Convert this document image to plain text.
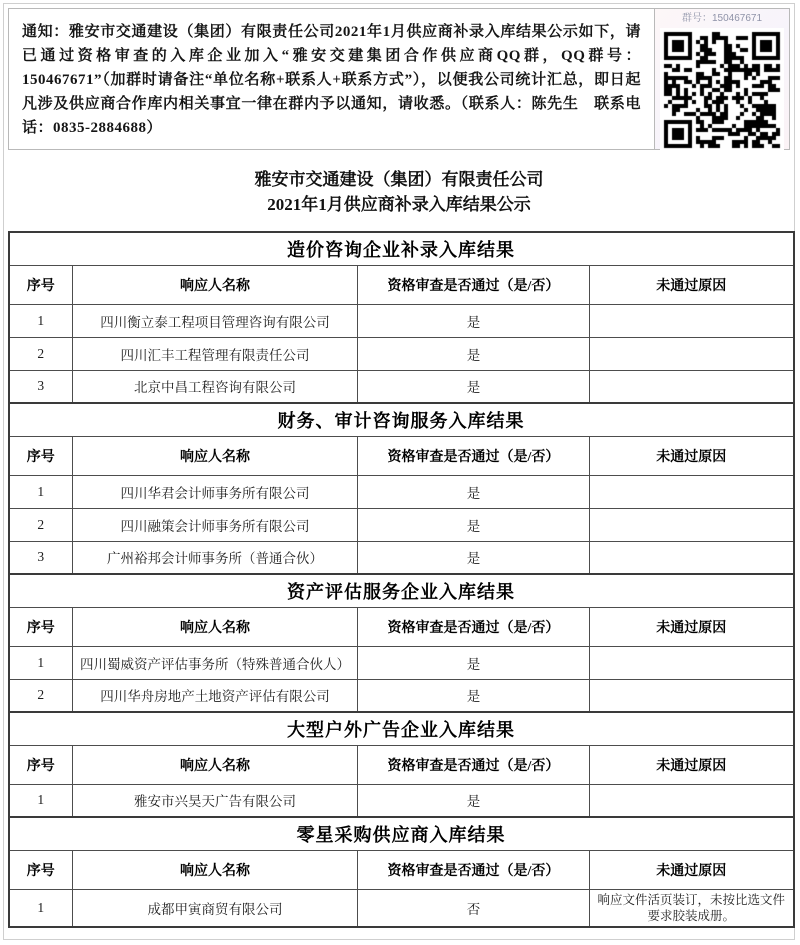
通知：雅安市交通建设（集团）有限责任公司2021年1月供应商补录入库结果公示如下，请已通过资格审查的入库企业加入“雅安交建集团合作供应商QQ群，QQ群号：150467671”（加群时请备注“单位名称+联系人+联系方式”），以便我公司统计汇总，即日起凡涉及供应商合作库内相关事宜一律在群内予以通知，请收悉。（联系人：陈先生　联系电话：0835-2884688）
群号：150467671
雅安市交通建设（集团）有限责任公司
2021年1月供应商补录入库结果公示
造价咨询企业补录入库结果			
序号	响应人名称	资格审查是否通过（是/否）	未通过原因
1	四川衡立泰工程项目管理咨询有限公司	是	
2	四川汇丰工程管理有限责任公司	是	
3	北京中昌工程咨询有限公司	是	
财务、审计咨询服务入库结果			
序号	响应人名称	资格审查是否通过（是/否）	未通过原因
1	四川华君会计师事务所有限公司	是	
2	四川融策会计师事务所有限公司	是	
3	广州裕邦会计师事务所（普通合伙）	是	
资产评估服务企业入库结果			
序号	响应人名称	资格审查是否通过（是/否）	未通过原因
1	四川蜀威资产评估事务所（特殊普通合伙人）	是	
2	四川华舟房地产土地资产评估有限公司	是	
大型户外广告企业入库结果			
序号	响应人名称	资格审查是否通过（是/否）	未通过原因
1	雅安市兴昊天广告有限公司	是	
零星采购供应商入库结果			
序号	响应人名称	资格审查是否通过（是/否）	未通过原因
1	成都甲寅商贸有限公司	否	响应文件活页装订，未按比选文件要求胶装成册。
